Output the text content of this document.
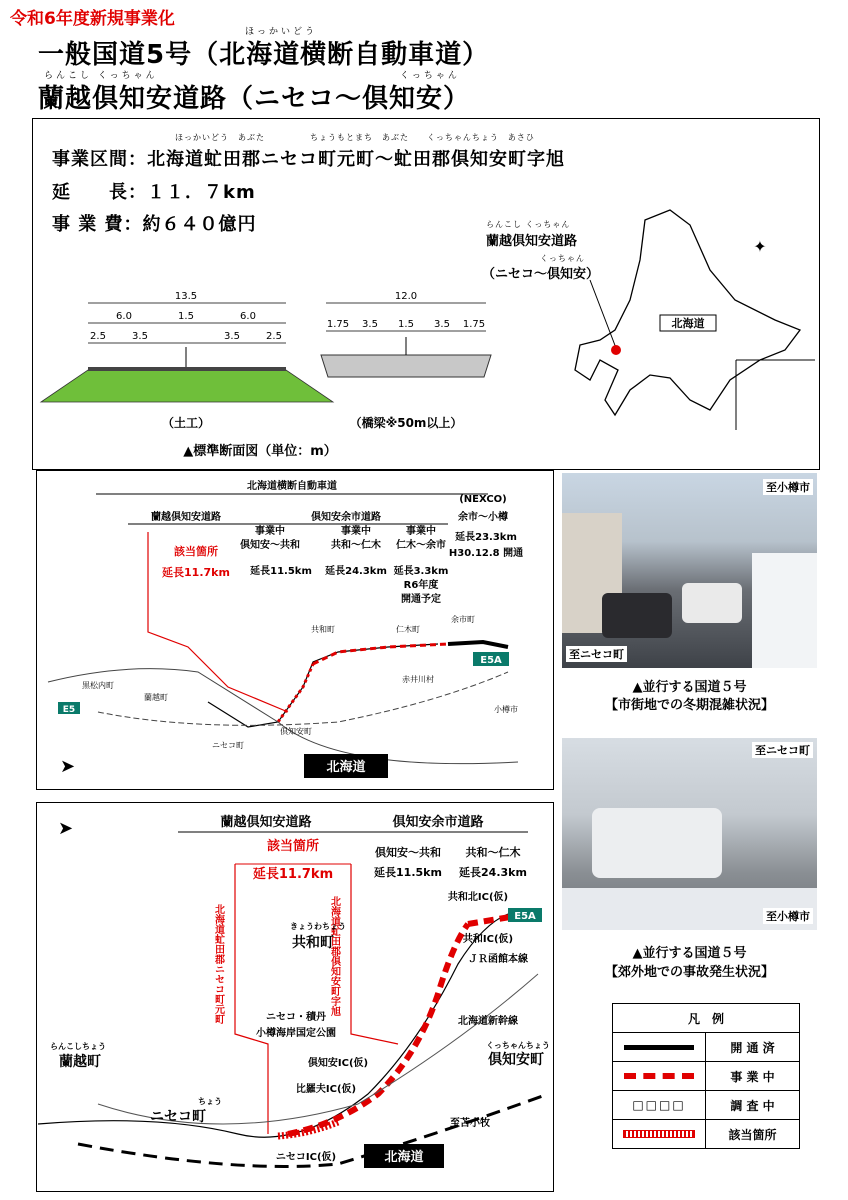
令和6年度新規事業化
ほっかいどう
一般国道5号（北海道横断自動車道）
らんこし くっちゃん	くっちゃん
蘭越倶知安道路（ニセコ～倶知安）
ほっかいどう　あぶた　　　　　ちょうもとまち　あぶた　　くっちゃんちょう　あさひ
事業区間：北海道虻田郡ニセコ町元町～虻田郡倶知安町字旭
延　　長：１１．７km
事 業 費：約６４０億円
13.5
6.0	1.5	6.0
2.5	3.5	3.5	2.5
（土工）
12.0
1.75 3.5 1.5 3.5 1.75
（橋梁※50m以上）
▲標準断面図（単位：m）
らんこし くっちゃん
蘭越倶知安道路
くっちゃん
（ニセコ～倶知安）
北海道
✦
北海道横断自動車道
蘭越倶知安道路	倶知安余市道路
(NEXCO)
余市～小樽
該当箇所
延長11.7km
事業中
倶知安～共和
延長11.5km
事業中
共和～仁木
延長24.3km
事業中
仁木～余市
延長3.3km
R6年度
開通予定
延長23.3km
H30.12.8 開通
E5A
E5
黒松内町
蘭越町
ニセコ町
倶知安町
共和町	仁木町
余市町
小樽市
赤井川村
北海道
➤
至小樽市
至ニセコ町
▲並行する国道５号
【市街地での冬期混雑状況】
蘭越倶知安道路	倶知安余市道路
該当箇所
延長11.7km
倶知安～共和
延長11.5km
共和～仁木
延長24.3km
北海道虻田郡ニセコ町元町	北海道虻田郡倶知安町字旭	E5A
きょうわちょう
共和町
らんこしちょう
蘭越町
ちょう
ニセコ町
くっちゃんちょう
倶知安町
ニセコ・積丹
小樽海岸国定公園
ＪＲ函館本線
北海道新幹線
共和北IC(仮)
共和IC(仮)
倶知安IC(仮)
比羅夫IC(仮)
ニセコIC(仮)
至苫小牧
北海道
➤
至ニセコ町
至小樽市
▲並行する国道５号
【郊外地での事故発生状況】
凡　例	

	開 通 済

	事 業 中
□□□□	調 査 中

	該当箇所
